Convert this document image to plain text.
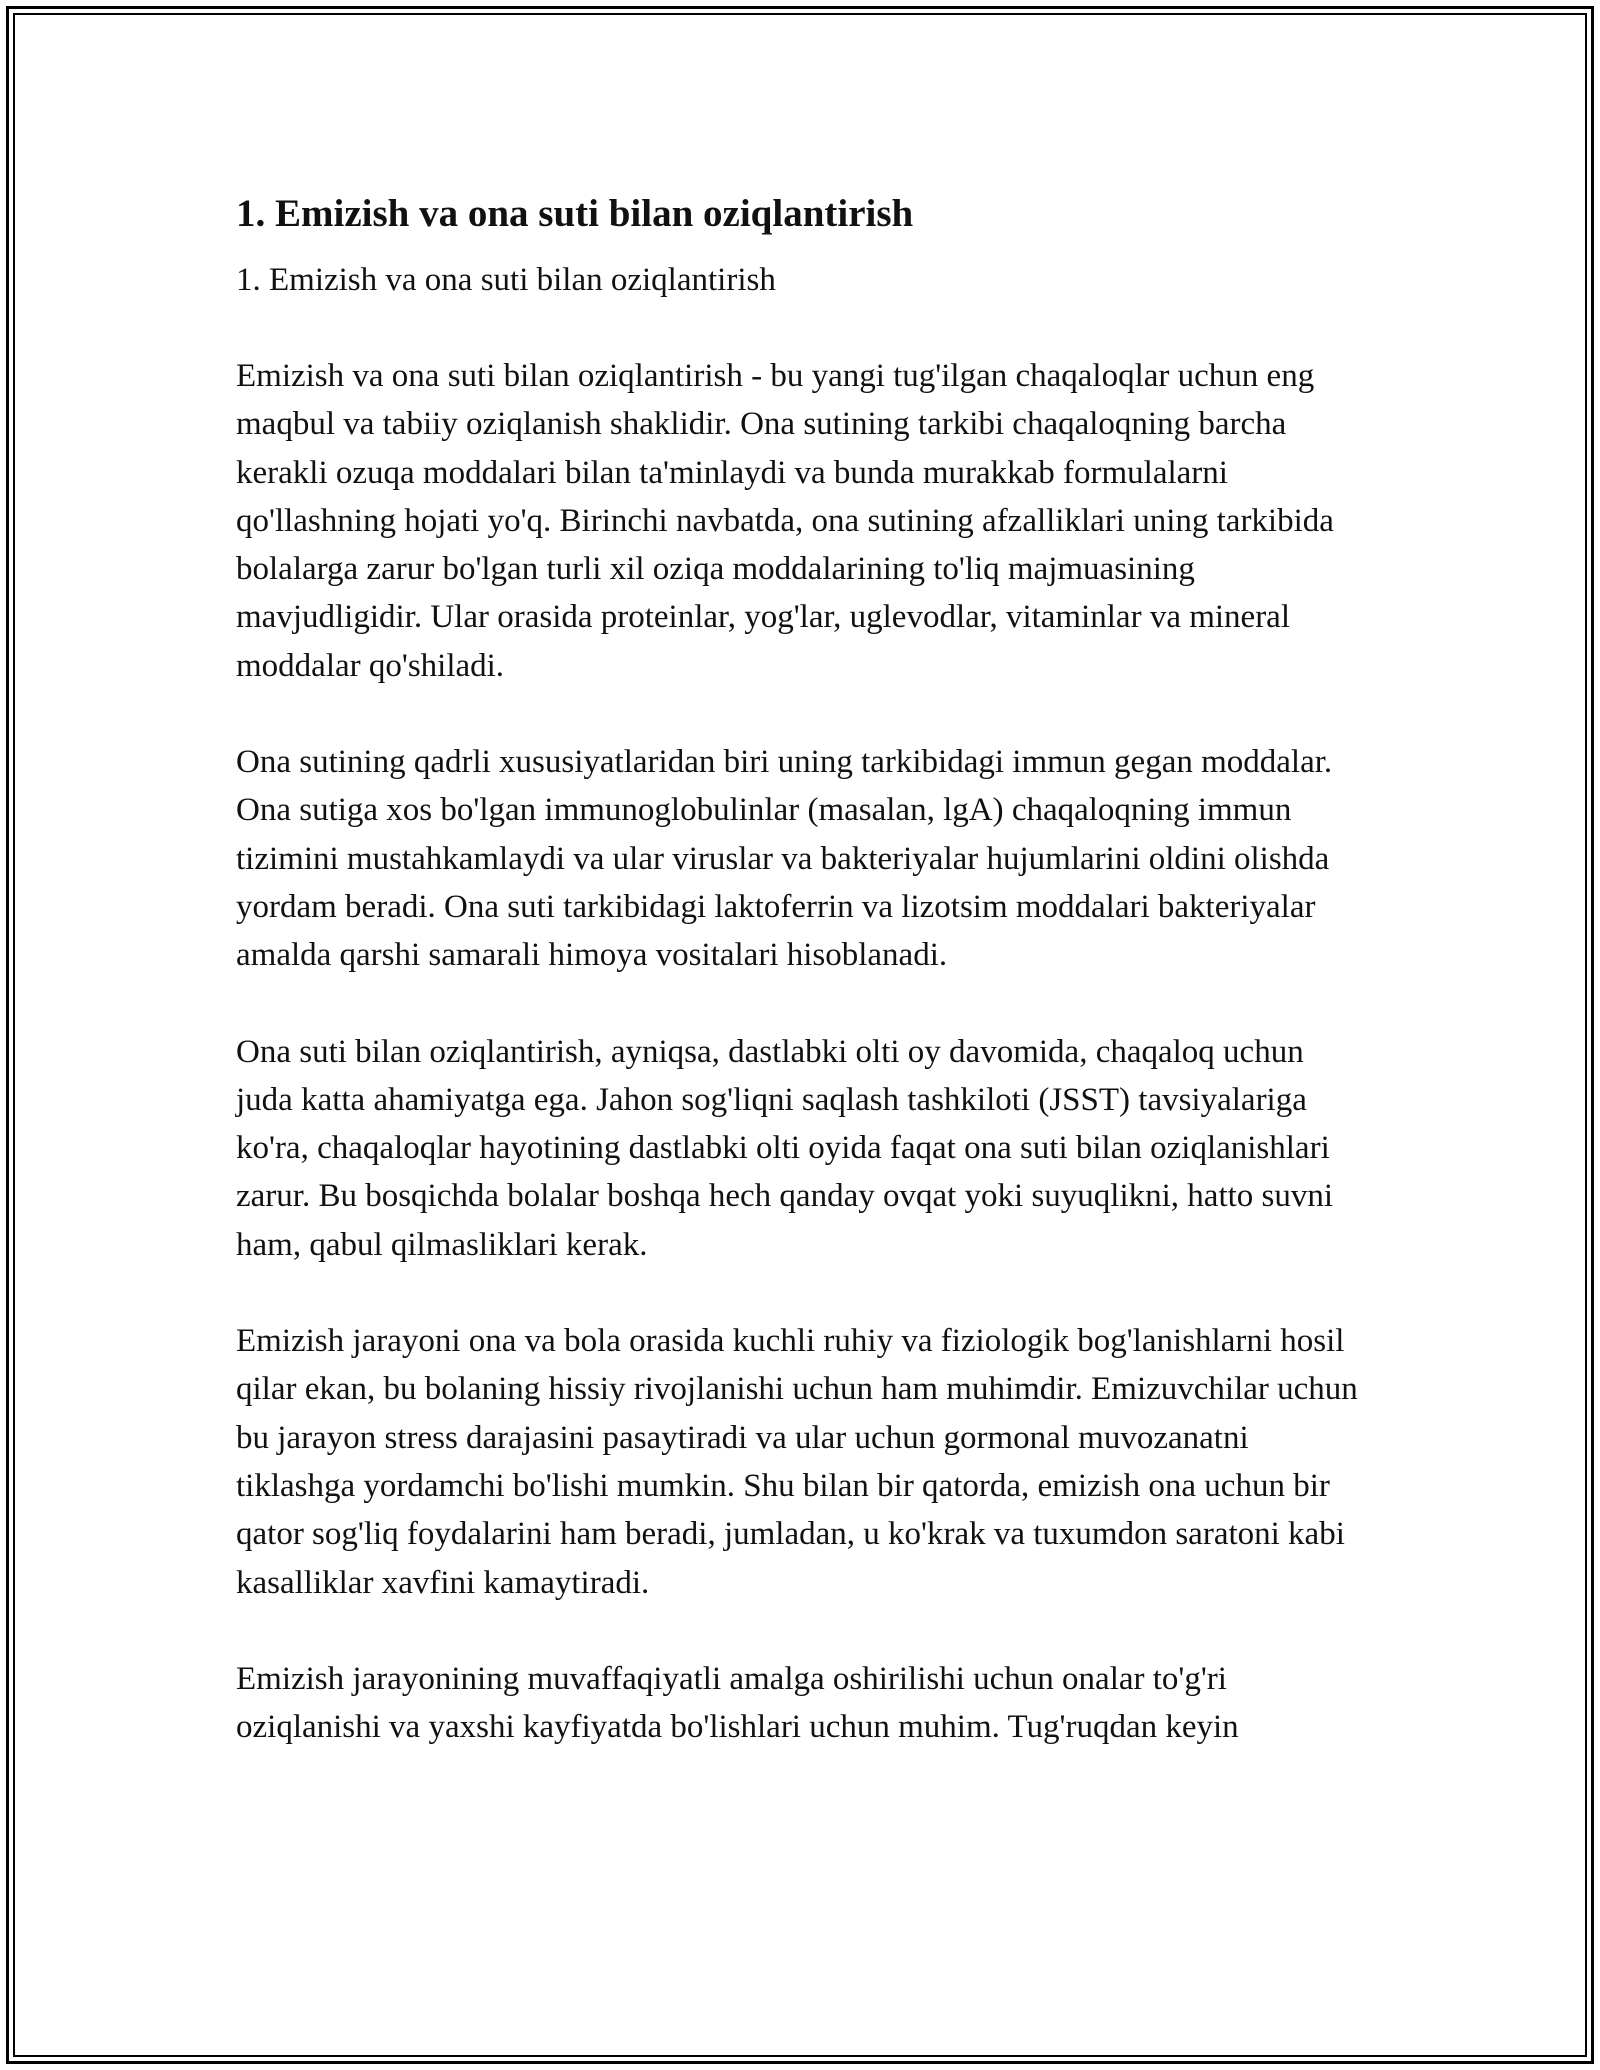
1. Emizish va ona suti bilan oziqlantirish

1. Emizish va ona suti bilan oziqlantirish

Emizish va ona suti bilan oziqlantirish - bu yangi tug'ilgan chaqaloqlar uchun eng maqbul va tabiiy oziqlanish shaklidir. Ona sutining tarkibi chaqaloqning barcha kerakli ozuqa moddalari bilan ta'minlaydi va bunda murakkab formulalarni qo'llashning hojati yo'q. Birinchi navbatda, ona sutining afzalliklari uning tarkibida bolalarga zarur bo'lgan turli xil oziqa moddalarining to'liq majmuasining mavjudligidir. Ular orasida proteinlar, yog'lar, uglevodlar, vitaminlar va mineral moddalar qo'shiladi.

Ona sutining qadrli xususiyatlaridan biri uning tarkibidagi immun gegan moddalar. Ona sutiga xos bo'lgan immunoglobulinlar (masalan, lgA) chaqaloqning immun tizimini mustahkamlaydi va ular viruslar va bakteriyalar hujumlarini oldini olishda yordam beradi. Ona suti tarkibidagi laktoferrin va lizotsim moddalari bakteriyalar amalda qarshi samarali himoya vositalari hisoblanadi.

Ona suti bilan oziqlantirish, ayniqsa, dastlabki olti oy davomida, chaqaloq uchun juda katta ahamiyatga ega. Jahon sog'liqni saqlash tashkiloti (JSST) tavsiyalariga ko'ra, chaqaloqlar hayotining dastlabki olti oyida faqat ona suti bilan oziqlanishlari zarur. Bu bosqichda bolalar boshqa hech qanday ovqat yoki suyuqlikni, hatto suvni ham, qabul qilmasliklari kerak.

Emizish jarayoni ona va bola orasida kuchli ruhiy va fiziologik bog'lanishlarni hosil qilar ekan, bu bolaning hissiy rivojlanishi uchun ham muhimdir. Emizuvchilar uchun bu jarayon stress darajasini pasaytiradi va ular uchun gormonal muvozanatni tiklashga yordamchi bo'lishi mumkin. Shu bilan bir qatorda, emizish ona uchun bir qator sog'liq foydalarini ham beradi, jumladan, u ko'krak va tuxumdon saratoni kabi kasalliklar xavfini kamaytiradi.

Emizish jarayonining muvaffaqiyatli amalga oshirilishi uchun onalar to'g'ri oziqlanishi va yaxshi kayfiyatda bo'lishlari uchun muhim. Tug'ruqdan keyin
